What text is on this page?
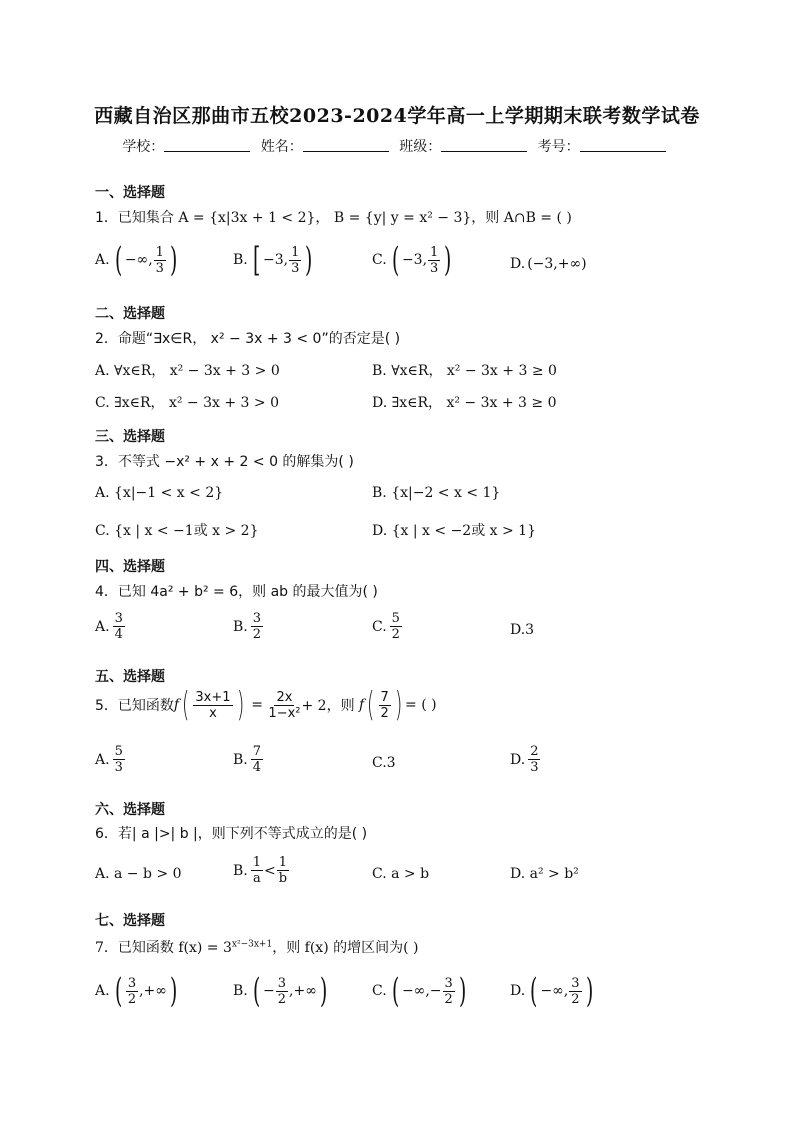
西藏自治区那曲市五校2023-2024学年高一上学期期末联考数学试卷
学校：	姓名：	班级：	考号：
一、选择题
1．已知集合 A = {x|3x + 1 < 2}， B = {y| y = x² − 3}，则 A∩B = ( )
A. ( −∞, $\frac{1}{3}$ )	B. [ −3, $\frac{1}{3}$ )	C. ( −3, $\frac{1}{3}$ )	D. (−3,+∞)
二、选择题
2．命题“∃x∈R， x² − 3x + 3 < 0”的否定是( )
A. ∀x∈R， x² − 3x + 3 > 0	B. ∀x∈R， x² − 3x + 3 ≥ 0
C. ∃x∈R， x² − 3x + 3 > 0	D. ∃x∈R， x² − 3x + 3 ≥ 0
三、选择题
3．不等式 −x² + x + 2 < 0 的解集为( )
A. {x|−1 < x < 2}	B. {x|−2 < x < 1}
C. {x | x < −1或 x > 2}	D. {x | x < −2或 x > 1}
四、选择题
4．已知 4a² + b² = 6，则 ab 的最大值为( )
A. $\frac{3}{4}$	B. $\frac{3}{2}$	C. $\frac{5}{2}$	D.3
五、选择题
5．已知函数 f ( $\frac{3x+1}{x}$ ) = $\frac{2x}{\text{1−x²}} + 2$，则 f ( $\frac{7}{2}$ ) = ( )
A. $\frac{5}{3}$	B. $\frac{7}{4}$	C.3	D. $\frac{2}{3}$
六、选择题
6．若| a |>| b |，则下列不等式成立的是( )
A. a − b > 0	B. $\frac{1}{a} < \frac{1}{b}$	C. a > b	D. a² > b²
七、选择题
7．已知函数 $f(x) = 3^{x^2-3x+1}$，则 f(x) 的增区间为( )
A. ( $\frac{3}{2}$ ,+∞ )	B. ( − $\frac{3}{2}$ ,+∞ )	C. ( −∞,− $\frac{3}{2}$ )	D. ( −∞, $\frac{3}{2}$ )
